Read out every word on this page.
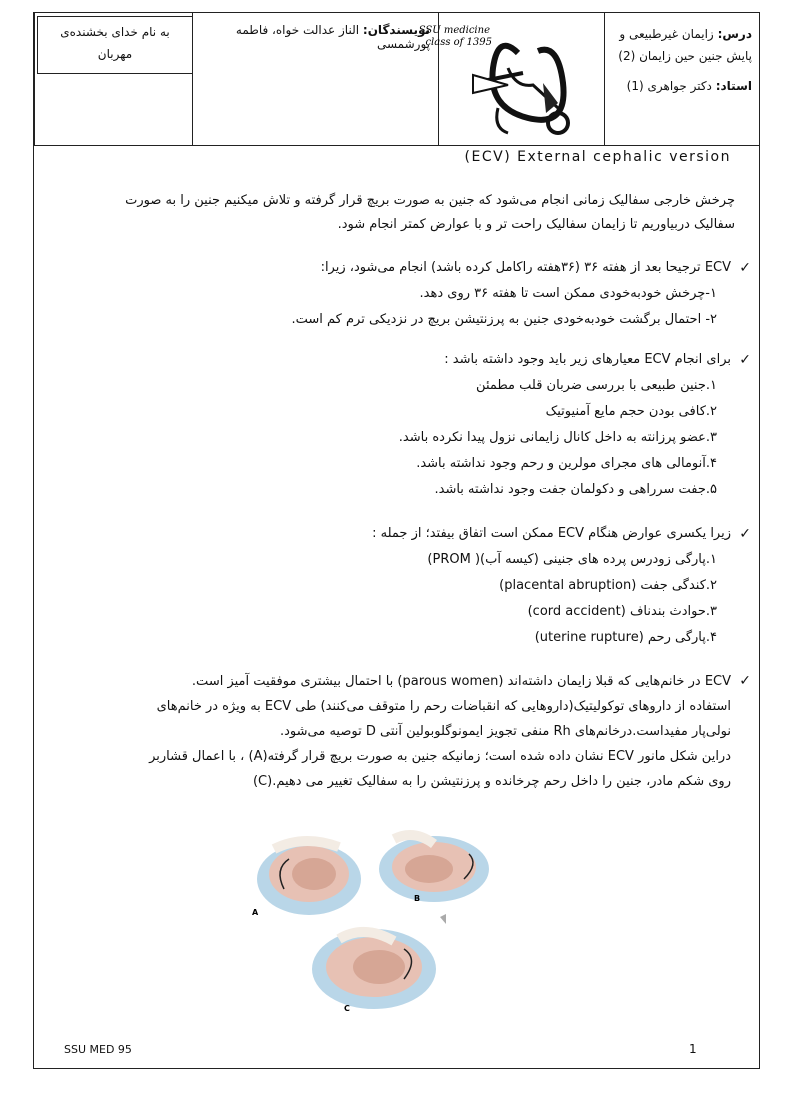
درس: زایمان غیرطبیعی و
پایش جنین حین زایمان (2)
استاد: دکتر جواهری (1)
SSU medicine
class of 1395
نویسندگان: الناز عدالت خواه، فاطمه پورشمسی
به نام خدای بخشنده‌ی
مهربان
(ECV) External cephalic version
چرخش خارجی سفالیک زمانی انجام می‌شود که جنین به صورت بریچ قرار گرفته و تلاش میکنیم جنین را به صورت
سفالیک دربیاوریم تا زایمان سفالیک راحت تر و با عوارض کمتر انجام شود.
✓
ECV ترجیحا بعد از هفته ۳۶ (۳۶هفته راکامل کرده باشد) انجام می‌شود، زیرا:
۱-چرخش خودبه‌خودی ممکن است تا هفته ۳۶ روی دهد.
۲- احتمال برگشت خودبه‌خودی جنین به پرزنتیشن بریچ در نزدیکی ترم کم است.
✓
برای انجام ECV معیارهای زیر باید وجود داشته باشد :
۱.جنین طبیعی با بررسی ضربان قلب مطمئن
۲.کافی بودن حجم مایع آمنیوتیک
۳.عضو پرزانته به داخل کانال زایمانی نزول پیدا نکرده باشد.
۴.آنومالی های مجرای مولرین و رحم وجود نداشته باشد.
۵.جفت سرراهی و دکولمان جفت وجود نداشته باشد.
✓
زیرا یکسری عوارض هنگام ECV ممکن است اتفاق بیفتد؛ از جمله :
۱.پارگی زودرس پرده های جنینی (کیسه آب)( PROM)
۲.کندگی جفت (placental abruption)
۳.حوادث بندناف (cord accident)
۴.پارگی رحم (uterine rupture)
✓
ECV در خانم‌هایی که قبلا زایمان داشته‌اند (parous women) با احتمال بیشتری موفقیت آمیز است.
استفاده از داروهای توکولیتیک(داروهایی که انقباضات رحم را متوقف می‌کنند) طی ECV به ویژه در خانم‌های
نولی‌پار مفیداست.درخانم‌های Rh منفی تجویز ایمونوگلوبولین آنتی D توصیه می‌شود.
دراین شکل مانور ECV نشان داده شده است؛ زمانیکه جنین به صورت بریچ قرار گرفته(A) ، با اعمال قشاربر
روی شکم مادر، جنین را داخل رحم چرخانده و پرزنتیشن را به سفالیک تغییر می دهیم.(C)
A
B
C
SSU MED 95	1
